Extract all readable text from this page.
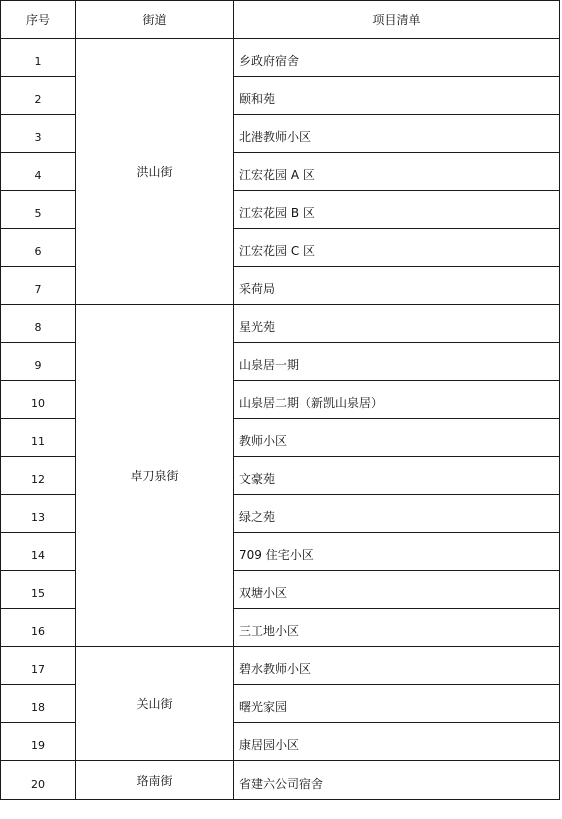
序号	街道	项目清单
1	洪山街	乡政府宿舍
2		颐和苑
3		北港教师小区
4		江宏花园 A 区
5		江宏花园 B 区
6		江宏花园 C 区
7		采荷局
8	卓刀泉街	星光苑
9		山泉居一期
10		山泉居二期（新凯山泉居）
11		教师小区
12		文豪苑
13		绿之苑
14		709 住宅小区
15		双塘小区
16		三工地小区
17	关山街	碧水教师小区
18		曙光家园
19		康居园小区
20	珞南街	省建六公司宿舍
